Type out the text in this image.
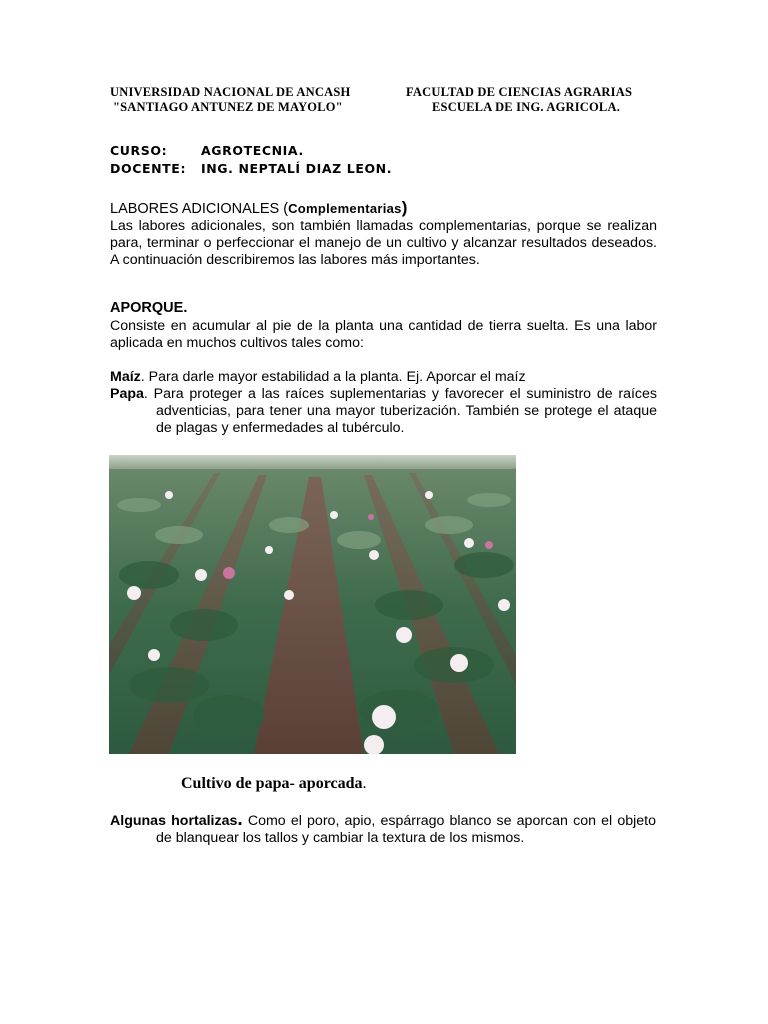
UNIVERSIDAD NACIONAL DE ANCASH
"SANTIAGO ANTUNEZ DE MAYOLO"
FACULTAD DE CIENCIAS AGRARIAS
ESCUELA DE ING. AGRICOLA.
CURSO:	AGROTECNIA.
DOCENTE: ING. NEPTALÍ DIAZ LEON.
LABORES ADICIONALES (Complementarias)
Las labores adicionales, son también llamadas complementarias, porque se realizan para, terminar o perfeccionar el manejo de un cultivo y alcanzar resultados deseados. A continuación describiremos las labores más importantes.
APORQUE.
Consiste en acumular al pie de la planta una cantidad de tierra suelta. Es una labor aplicada en muchos cultivos tales como:
Maíz. Para darle mayor estabilidad a la planta. Ej. Aporcar el maíz
Papa. Para proteger a las raíces suplementarias y favorecer el suministro de raíces adventicias, para tener una mayor tuberización. También se protege el ataque de plagas y enfermedades al tubérculo.
Cultivo de papa- aporcada.
Algunas hortalizas. Como el poro, apio, espárrago blanco se aporcan con el objeto de blanquear los tallos y cambiar la textura de los mismos.
